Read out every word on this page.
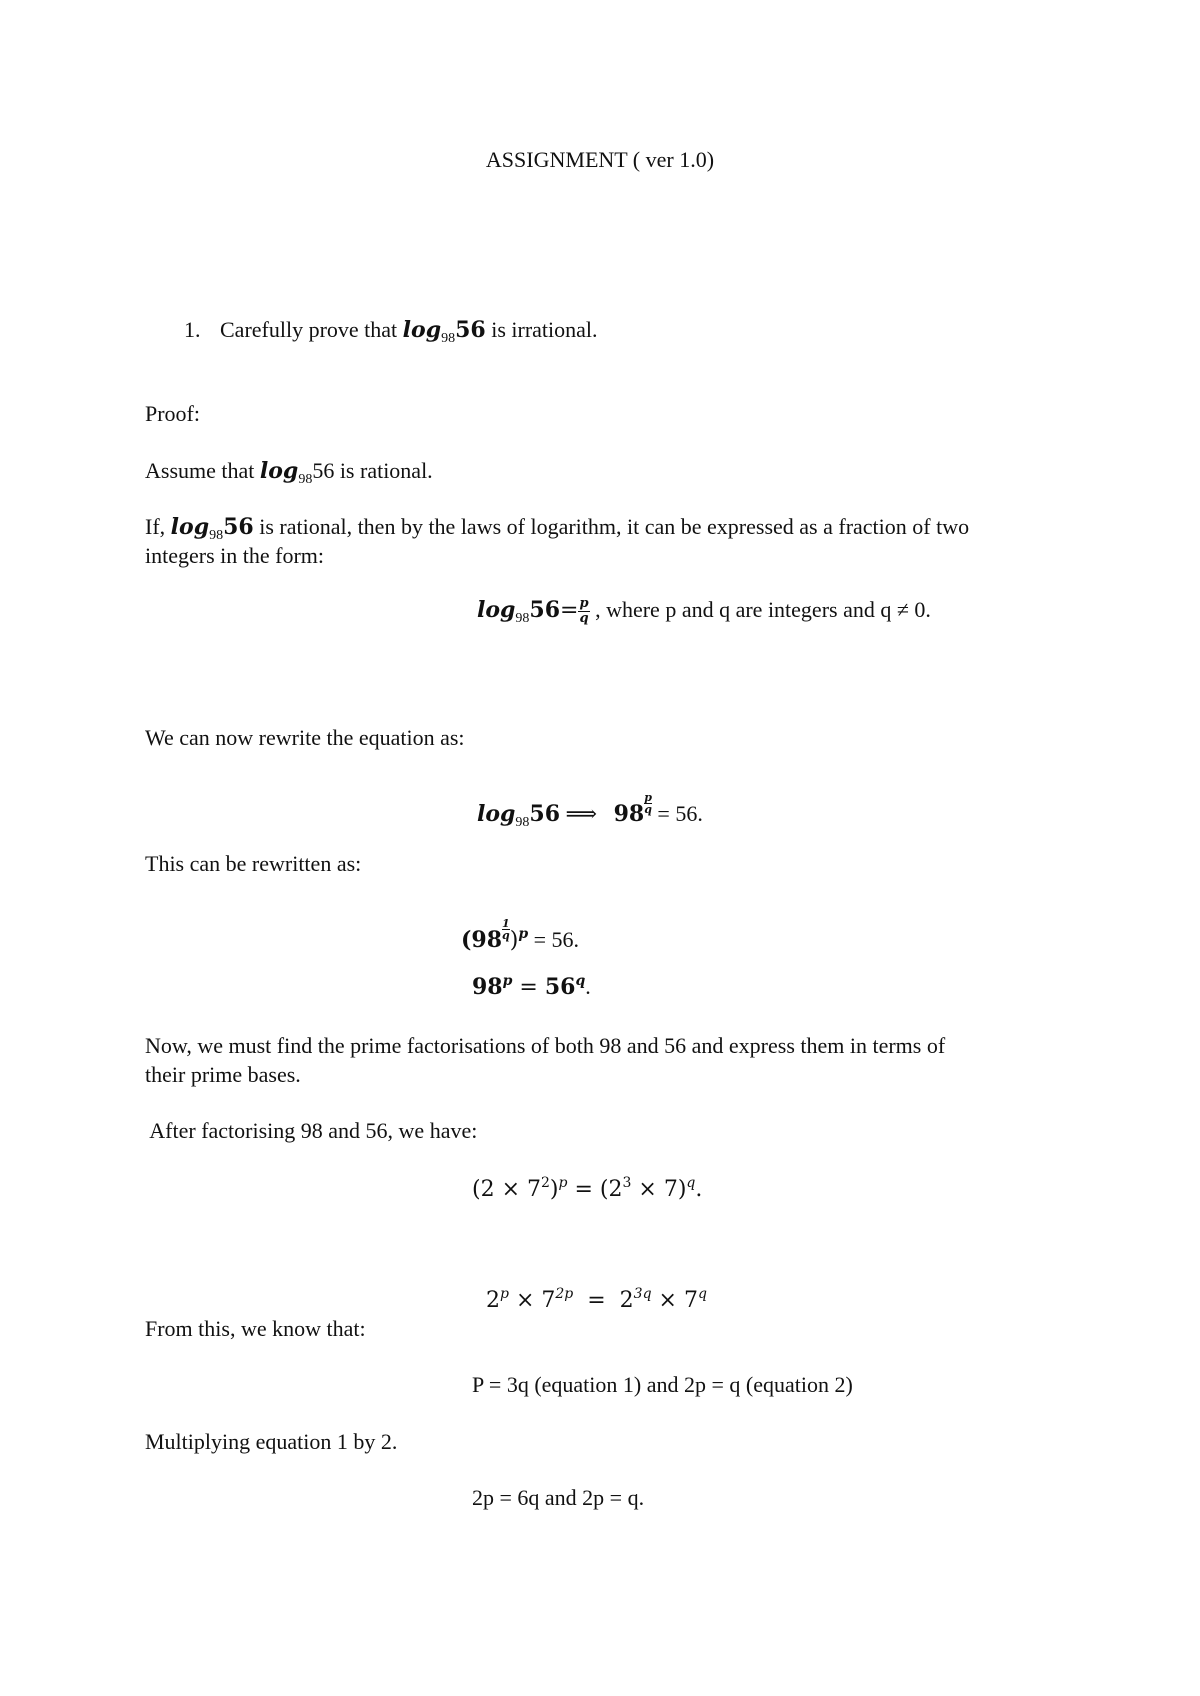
ASSIGNMENT ( ver 1.0)
1. Carefully prove that $\log_{98}56$ is irrational.
Proof:
Assume that $\log_{98}56$ is rational.
If, $\log_{98}56$ is rational, then by the laws of logarithm, it can be expressed as a fraction of two
integers in the form:
$\log_{98}56= \frac{p}{q}$ , where p and q are integers and q ≠ 0.
We can now rewrite the equation as:
$\log_{98}56$ ⟹ $98 \frac{p}{q} = 56$.
This can be rewritten as:
$(98 \frac{1}{q} )^p = 56$.
$98^p = 56^q$.
Now, we must find the prime factorisations of both 98 and 56 and express them in terms of
their prime bases.
After factorising 98 and 56, we have:
$(2 \times 7^2)^p = (2^3 \times 7)^q$.

$2^p \times 7^{2p} = 2^{3q} \times 7^q$

From this, we know that:
P = 3q (equation 1) and 2p = q (equation 2)
Multiplying equation 1 by 2.
2p = 6q and 2p = q.
